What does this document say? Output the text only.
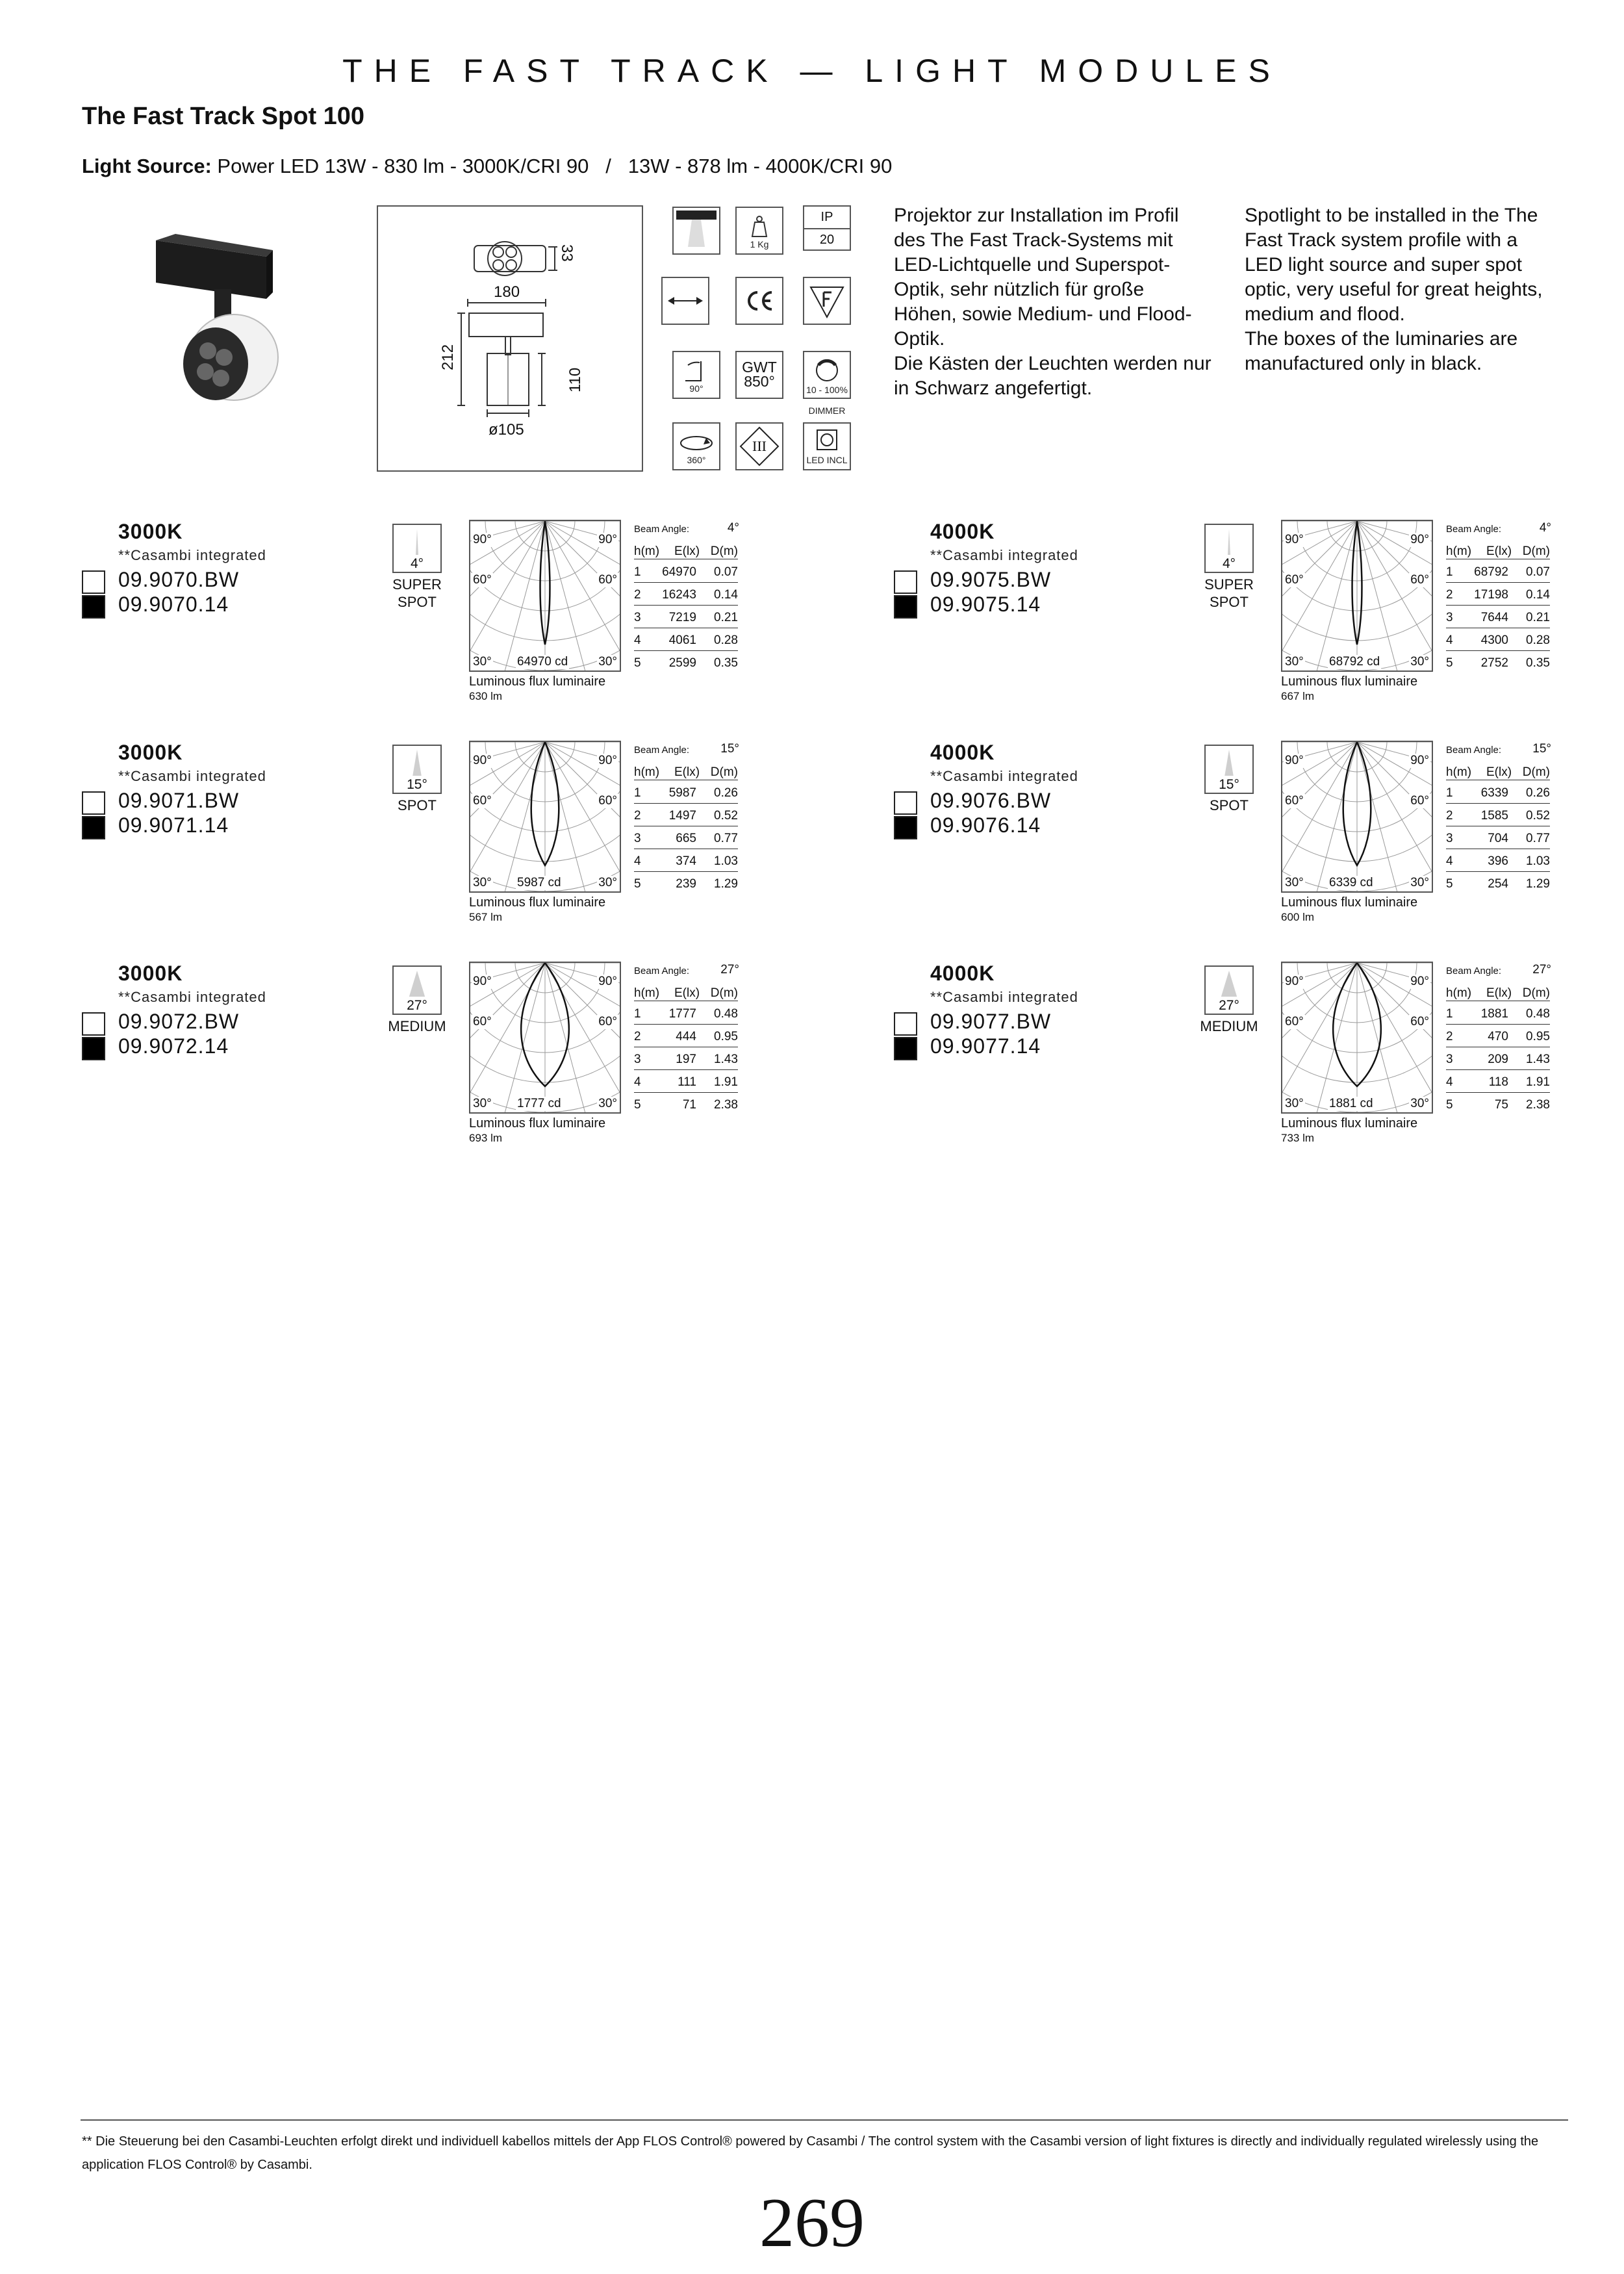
THE FAST TRACK — LIGHT MODULES
The Fast Track Spot 100
Light Source: Power LED 13W - 830 lm - 3000K/CRI 90   /   13W - 878 lm - 4000K/CRI 90
33
180
212
110
ø105
1 Kg
IP
20
90°
GWT
850°	10 - 100%
DIMMER
360°
III
LED INCL
Projektor zur Installation im Profil
des The Fast Track-Systems mit
LED-Lichtquelle und Superspot-
Optik, sehr nützlich für große
Höhen, sowie Medium- und Flood-
Optik.
Die Kästen der Leuchten werden nur
in Schwarz angefertigt.
Spotlight to be installed in the The
Fast Track system profile with a
LED light source and super spot
optic, very useful for great heights,
medium and flood.
The boxes of the luminaries are
manufactured only in black.
3000K
**Casambi integrated
09.9070.BW
09.9070.14
4°
SUPER
SPOT
90°	90°
60°	60°
30°	30°
64970 cd
Luminous flux luminaire
630 lm
Beam Angle:	4°
h(m) E(lx) D(m)
1 64970 0.07
2 16243 0.14
3 7219 0.21
4 4061 0.28
5 2599 0.35
4000K
**Casambi integrated
09.9075.BW
09.9075.14
4°
SUPER
SPOT
90°	90°
60°	60°
30°	30°
68792 cd
Luminous flux luminaire
667 lm
Beam Angle:	4°
h(m) E(lx) D(m)
1 68792 0.07
2 17198 0.14
3 7644 0.21
4 4300 0.28
5 2752 0.35
3000K
**Casambi integrated
09.9071.BW
09.9071.14
15°
SPOT
90°	90°
60°	60°
30°	30°
5987 cd
Luminous flux luminaire
567 lm
Beam Angle:	15°
h(m) E(lx) D(m)
1 5987 0.26
2 1497 0.52
3	665 0.77
4	374 1.03
5	239 1.29
4000K
**Casambi integrated
09.9076.BW
09.9076.14
15°
SPOT
90°	90°
60°	60°
30°	30°
6339 cd
Luminous flux luminaire
600 lm
Beam Angle:	15°
h(m) E(lx) D(m)
1 6339 0.26
2 1585 0.52
3	704 0.77
4	396 1.03
5	254 1.29
3000K
**Casambi integrated
09.9072.BW
09.9072.14
27°
MEDIUM
90°	90°
60°	60°
30°	30°
1777 cd
Luminous flux luminaire
693 lm
Beam Angle:	27°
h(m) E(lx) D(m)
1 1777 0.48
2	444 0.95
3	197 1.43
4	111 1.91
5	71 2.38
4000K
**Casambi integrated
09.9077.BW
09.9077.14
27°
MEDIUM
90°	90°
60°	60°
30°	30°
1881 cd
Luminous flux luminaire
733 lm
Beam Angle:	27°
h(m) E(lx) D(m)
1 1881 0.48
2	470 0.95
3	209 1.43
4	118 1.91
5	75 2.38
** Die Steuerung bei den Casambi-Leuchten erfolgt direkt und individuell kabellos mittels der App FLOS Control® powered by Casambi / The control system with the Casambi version of light fixtures is directly and individually regulated wirelessly using the application FLOS Control® by Casambi.
269
